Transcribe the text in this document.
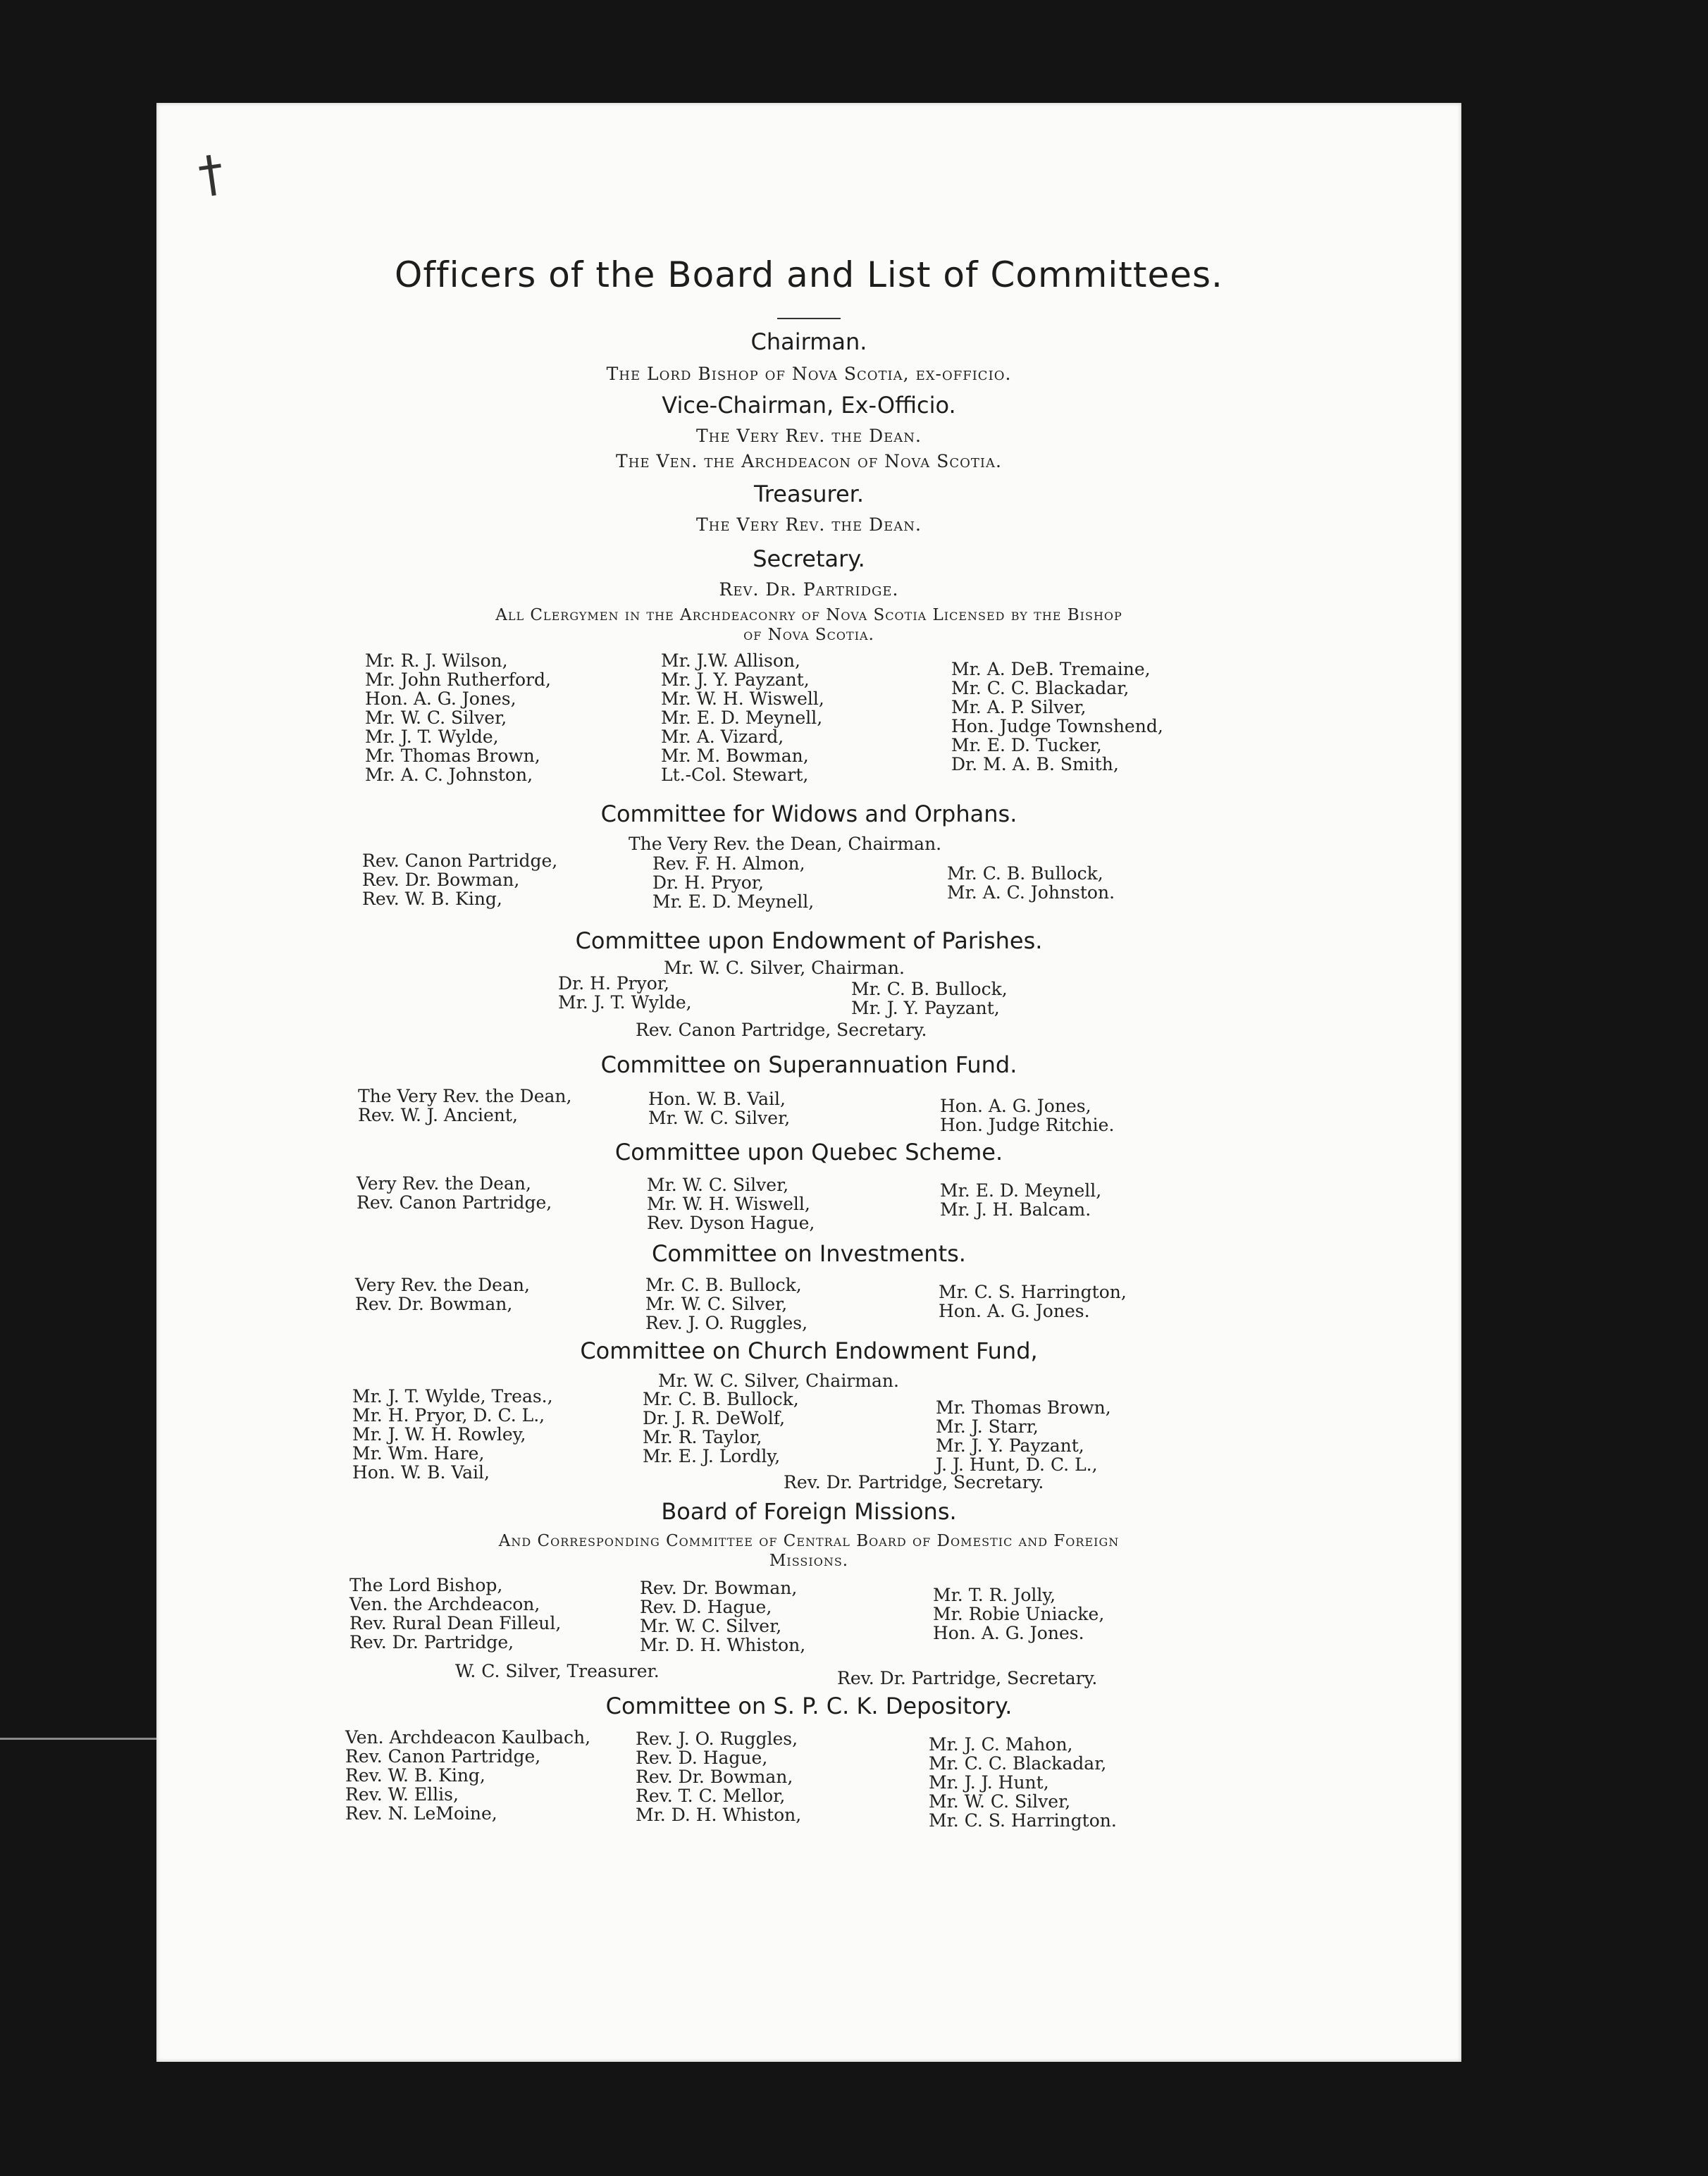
†
Officers of the Board and List of Committees.
Chairman.
The Lord Bishop of Nova Scotia, ex-officio.
Vice-Chairman, Ex-Officio.
The Very Rev. the Dean.
The Ven. the Archdeacon of Nova Scotia.
Treasurer.
The Very Rev. the Dean.
Secretary.
Rev. Dr. Partridge.
All Clergymen in the Archdeaconry of Nova Scotia Licensed by the Bishop
of Nova Scotia.
Mr. R. J. Wilson,
Mr. John Rutherford,
Hon. A. G. Jones,
Mr. W. C. Silver,
Mr. J. T. Wylde,
Mr. Thomas Brown,
Mr. A. C. Johnston,
Mr. J.W. Allison,
Mr. J. Y. Payzant,
Mr. W. H. Wiswell,
Mr. E. D. Meynell,
Mr. A. Vizard,
Mr. M. Bowman,
Lt.-Col. Stewart,
Mr. A. DeB. Tremaine,
Mr. C. C. Blackadar,
Mr. A. P. Silver,
Hon. Judge Townshend,
Mr. E. D. Tucker,
Dr. M. A. B. Smith,
Committee for Widows and Orphans.
The Very Rev. the Dean, Chairman.
Rev. Canon Partridge,
Rev. Dr. Bowman,
Rev. W. B. King,
Rev. F. H. Almon,
Dr. H. Pryor,
Mr. E. D. Meynell,
Mr. C. B. Bullock,
Mr. A. C. Johnston.
Committee upon Endowment of Parishes.
Mr. W. C. Silver, Chairman.
Dr. H. Pryor,
Mr. J. T. Wylde,
Mr. C. B. Bullock,
Mr. J. Y. Payzant,
Rev. Canon Partridge, Secretary.
Committee on Superannuation Fund.
The Very Rev. the Dean,
Rev. W. J. Ancient,
Hon. W. B. Vail,
Mr. W. C. Silver,
Hon. A. G. Jones,
Hon. Judge Ritchie.
Committee upon Quebec Scheme.
Very Rev. the Dean,
Rev. Canon Partridge,
Mr. W. C. Silver,
Mr. W. H. Wiswell,
Rev. Dyson Hague,
Mr. E. D. Meynell,
Mr. J. H. Balcam.
Committee on Investments.
Very Rev. the Dean,
Rev. Dr. Bowman,
Mr. C. B. Bullock,
Mr. W. C. Silver,
Rev. J. O. Ruggles,
Mr. C. S. Harrington,
Hon. A. G. Jones.
Committee on Church Endowment Fund,
Mr. W. C. Silver, Chairman.
Mr. J. T. Wylde, Treas.,
Mr. H. Pryor, D. C. L.,
Mr. J. W. H. Rowley,
Mr. Wm. Hare,
Hon. W. B. Vail,
Mr. C. B. Bullock,
Dr. J. R. DeWolf,
Mr. R. Taylor,
Mr. E. J. Lordly,
Mr. Thomas Brown,
Mr. J. Starr,
Mr. J. Y. Payzant,
J. J. Hunt, D. C. L.,
Rev. Dr. Partridge, Secretary.
Board of Foreign Missions.
And Corresponding Committee of Central Board of Domestic and Foreign
Missions.
The Lord Bishop,
Ven. the Archdeacon,
Rev. Rural Dean Filleul,
Rev. Dr. Partridge,
Rev. Dr. Bowman,
Rev. D. Hague,
Mr. W. C. Silver,
Mr. D. H. Whiston,
Mr. T. R. Jolly,
Mr. Robie Uniacke,
Hon. A. G. Jones.
W. C. Silver, Treasurer.	Rev. Dr. Partridge, Secretary.
Committee on S. P. C. K. Depository.
Ven. Archdeacon Kaulbach,
Rev. Canon Partridge,
Rev. W. B. King,
Rev. W. Ellis,
Rev. N. LeMoine,
Rev. J. O. Ruggles,
Rev. D. Hague,
Rev. Dr. Bowman,
Rev. T. C. Mellor,
Mr. D. H. Whiston,
Mr. J. C. Mahon,
Mr. C. C. Blackadar,
Mr. J. J. Hunt,
Mr. W. C. Silver,
Mr. C. S. Harrington.
